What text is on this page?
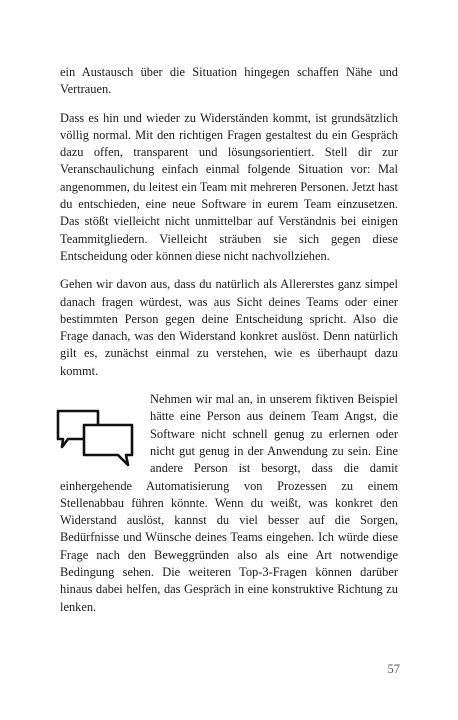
ein Austausch über die Situation hingegen schaffen Nähe und Vertrauen.

Dass es hin und wieder zu Widerständen kommt, ist grundsätzlich völlig normal. Mit den richtigen Fragen gestaltest du ein Gespräch dazu offen, transparent und lösungsorientiert. Stell dir zur Veranschaulichung einfach einmal folgende Situation vor: Mal angenommen, du leitest ein Team mit mehreren Personen. Jetzt hast du entschieden, eine neue Software in eurem Team einzusetzen. Das stößt vielleicht nicht unmittelbar auf Verständnis bei einigen Teammitgliedern. Vielleicht sträuben sie sich gegen diese Entscheidung oder können diese nicht nachvollziehen.

Gehen wir davon aus, dass du natürlich als Allererstes ganz simpel danach fragen würdest, was aus Sicht deines Teams oder einer bestimmten Person gegen deine Entscheidung spricht. Also die Frage danach, was den Widerstand konkret auslöst. Denn natürlich gilt es, zunächst einmal zu verstehen, wie es überhaupt dazu kommt.

Nehmen wir mal an, in unserem fiktiven Beispiel hätte eine Person aus deinem Team Angst, die Software nicht schnell genug zu erlernen oder nicht gut genug in der Anwendung zu sein. Eine andere Person ist besorgt, dass die damit einhergehende Automatisierung von Prozessen zu einem Stellenabbau führen könnte. Wenn du weißt, was konkret den Widerstand auslöst, kannst du viel besser auf die Sorgen, Bedürfnisse und Wünsche deines Teams eingehen. Ich würde diese Frage nach den Beweggründen also als eine Art notwendige Bedingung sehen. Die weiteren Top-3-Fragen können darüber hinaus dabei helfen, das Gespräch in eine konstruktive Richtung zu lenken.

57
